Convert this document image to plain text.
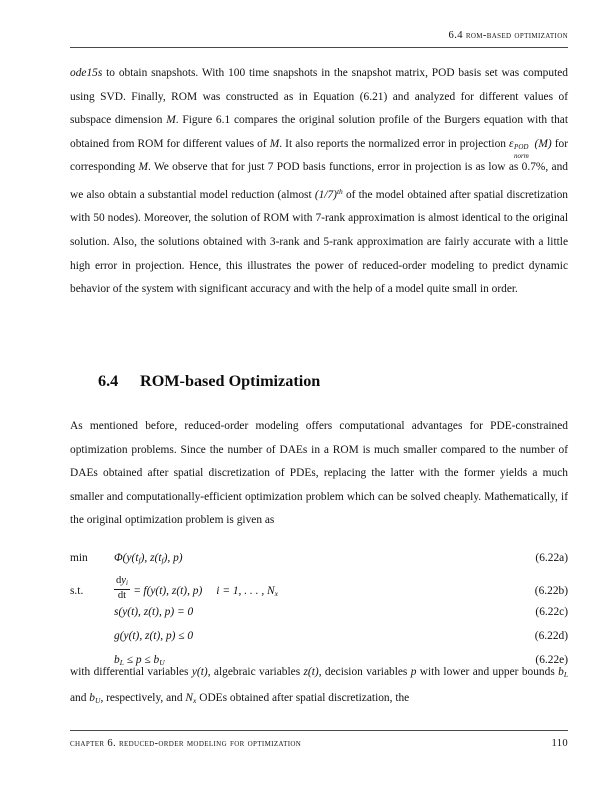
6.4 rom-based optimization

ode15s to obtain snapshots. With 100 time snapshots in the snapshot matrix, POD basis set was computed using SVD. Finally, ROM was constructed as in Equation (6.21) and analyzed for different values of subspace dimension M. Figure 6.1 compares the original solution profile of the Burgers equation with that obtained from ROM for different values of M. It also reports the normalized error in projection ε POD
norm
(M) for corresponding M. We observe that for just 7 POD basis functions, error in projection is as low as 0.7%, and we also obtain a substantial model reduction (almost $(1/7)^{th}$ of the model obtained after spatial discretization with 50 nodes). Moreover, the solution of ROM with 7-rank approximation is almost identical to the original solution. Also, the solutions obtained with 3-rank and 5-rank approximation are fairly accurate with a little high error in projection. Hence, this illustrates the power of reduced-order modeling to predict dynamic behavior of the system with significant accuracy and with the help of a model quite small in order.

6.4 ROM-based Optimization

As mentioned before, reduced-order modeling offers computational advantages for PDE-constrained optimization problems. Since the number of DAEs in a ROM is much smaller compared to the number of DAEs obtained after spatial discretization of PDEs, replacing the latter with the former yields a much smaller and computationally-efficient optimization problem which can be solved cheaply. Mathematically, if the original optimization problem is given as

min	$\Phi(y(t_f)$, $z(t_f)$, p)	(6.22a)
s.t.	$\frac{dy_i}{dt} = f(y(t)$, z(t), p) i = 1, . . . , $N_x$	(6.22b)
s(y(t), z(t), p) = 0	(6.22c)
g(y(t), z(t), p) ≤ 0	(6.22d)
$b_L \le p \le b_U$	(6.22e)

with differential variables y(t), algebraic variables z(t), decision variables p with lower and upper bounds $b_L$ and $b_U$, respectively, and $N_x$ ODEs obtained after spatial discretization, the

chapter 6. reduced-order modeling for optimization	110
